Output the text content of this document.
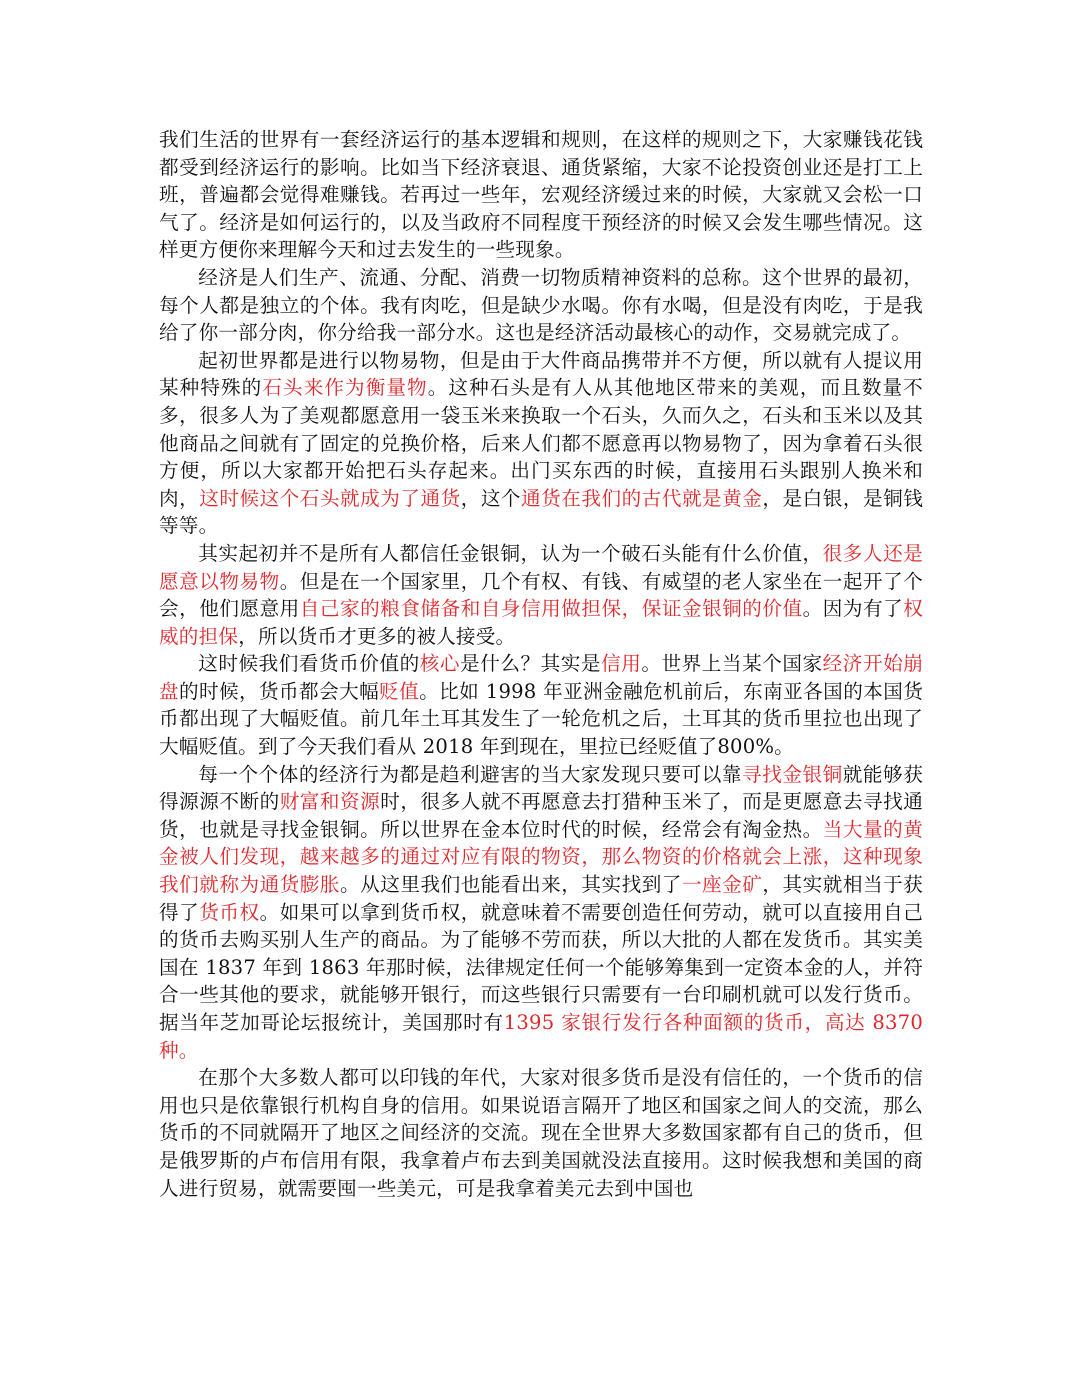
我们生活的世界有一套经济运行的基本逻辑和规则，在这样的规则之下，大家赚钱花钱都受到经济运行的影响。比如当下经济衰退、通货紧缩，大家不论投资创业还是打工上班，普遍都会觉得难赚钱。若再过一些年，宏观经济缓过来的时候，大家就又会松一口气了。经济是如何运行的，以及当政府不同程度干预经济的时候又会发生哪些情况。这样更方便你来理解今天和过去发生的一些现象。

经济是人们生产、流通、分配、消费一切物质精神资料的总称。这个世界的最初，每个人都是独立的个体。我有肉吃，但是缺少水喝。你有水喝，但是没有肉吃，于是我给了你一部分肉，你分给我一部分水。这也是经济活动最核心的动作，交易就完成了。

起初世界都是进行以物易物，但是由于大件商品携带并不方便，所以就有人提议用某种特殊的石头来作为衡量物。这种石头是有人从其他地区带来的美观，而且数量不多，很多人为了美观都愿意用一袋玉米来换取一个石头，久而久之，石头和玉米以及其他商品之间就有了固定的兑换价格，后来人们都不愿意再以物易物了，因为拿着石头很方便，所以大家都开始把石头存起来。出门买东西的时候，直接用石头跟别人换米和肉，这时候这个石头就成为了通货，这个通货在我们的古代就是黄金，是白银，是铜钱等等。

其实起初并不是所有人都信任金银铜，认为一个破石头能有什么价值，很多人还是愿意以物易物。但是在一个国家里，几个有权、有钱、有威望的老人家坐在一起开了个会，他们愿意用自己家的粮食储备和自身信用做担保，保证金银铜的价值。因为有了权威的担保，所以货币才更多的被人接受。

这时候我们看货币价值的核心是什么？其实是信用。世界上当某个国家经济开始崩盘的时候，货币都会大幅贬值。比如 1998 年亚洲金融危机前后，东南亚各国的本国货币都出现了大幅贬值。前几年土耳其发生了一轮危机之后，土耳其的货币里拉也出现了大幅贬值。到了今天我们看从 2018 年到现在，里拉已经贬值了800%。

每一个个体的经济行为都是趋利避害的当大家发现只要可以靠寻找金银铜就能够获得源源不断的财富和资源时，很多人就不再愿意去打猎种玉米了，而是更愿意去寻找通货，也就是寻找金银铜。所以世界在金本位时代的时候，经常会有淘金热。当大量的黄金被人们发现，越来越多的通过对应有限的物资，那么物资的价格就会上涨，这种现象我们就称为通货膨胀。从这里我们也能看出来，其实找到了一座金矿，其实就相当于获得了货币权。如果可以拿到货币权，就意味着不需要创造任何劳动，就可以直接用自己的货币去购买别人生产的商品。为了能够不劳而获，所以大批的人都在发货币。其实美国在 1837 年到 1863 年那时候，法律规定任何一个能够筹集到一定资本金的人，并符合一些其他的要求，就能够开银行，而这些银行只需要有一台印刷机就可以发行货币。据当年芝加哥论坛报统计，美国那时有1395 家银行发行各种面额的货币，高达 8370 种。

在那个大多数人都可以印钱的年代，大家对很多货币是没有信任的，一个货币的信用也只是依靠银行机构自身的信用。如果说语言隔开了地区和国家之间人的交流，那么货币的不同就隔开了地区之间经济的交流。现在全世界大多数国家都有自己的货币，但是俄罗斯的卢布信用有限，我拿着卢布去到美国就没法直接用。这时候我想和美国的商人进行贸易，就需要囤一些美元，可是我拿着美元去到中国也
